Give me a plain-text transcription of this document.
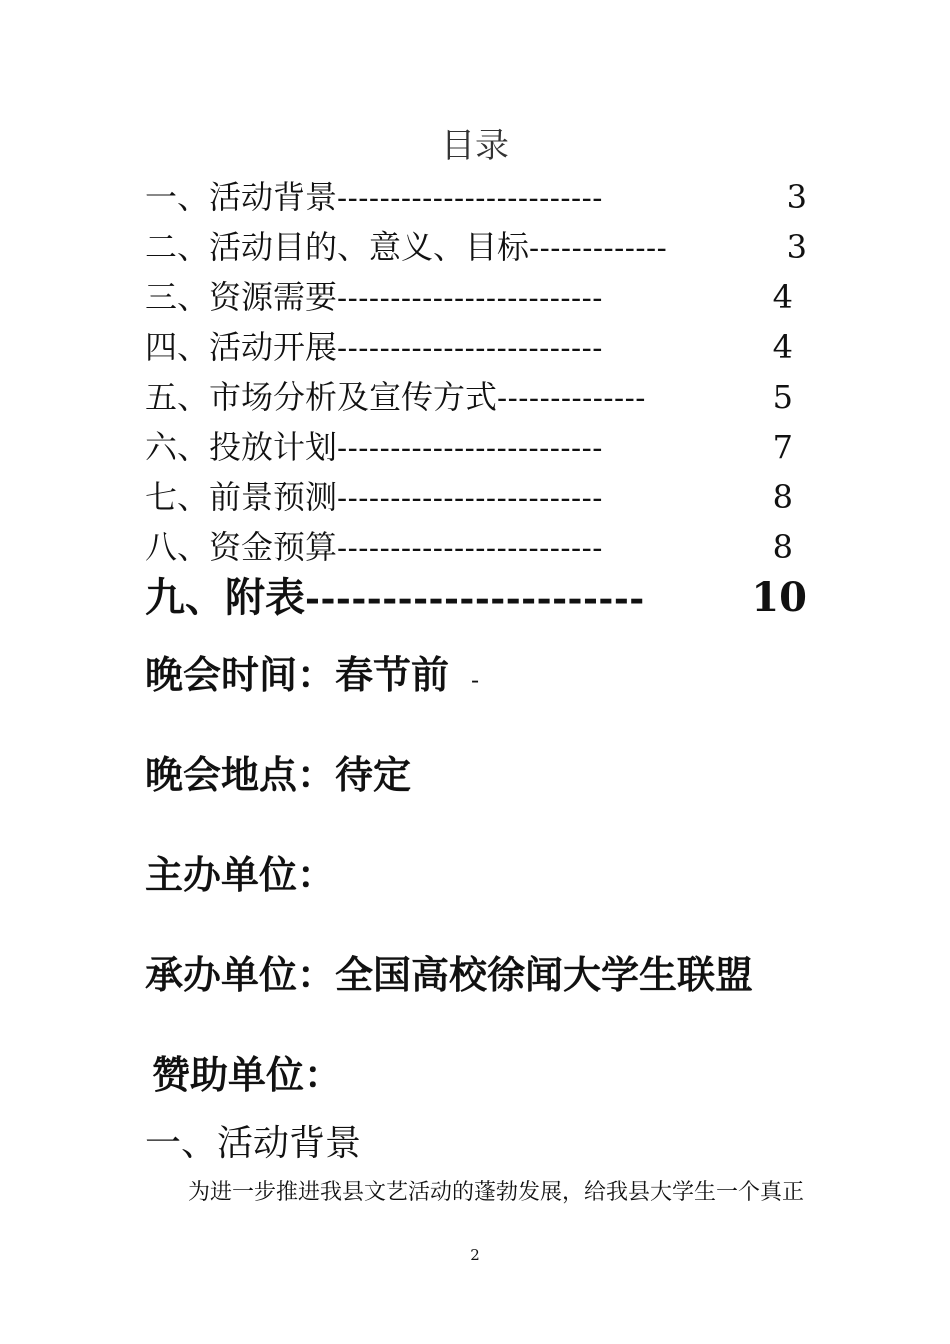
目录
一、活动背景 -------------------------	3
二、活动目的、意义、目标 -------------	3
三、资源需要 -------------------------	4
四、活动开展 -------------------------	4
五、市场分析及宣传方式 --------------	5
六、投放计划 -------------------------	7
七、前景预测 -------------------------	8
八、资金预算 -------------------------	8
九、附表 ----------------------	10
晚会时间：春节前 -
晚会地点：待定
主办单位：
承办单位：全国高校徐闻大学生联盟
赞助单位：
一、活动背景
为进一步推进我县文艺活动的蓬勃发展，给我县大学生一个真正
2
